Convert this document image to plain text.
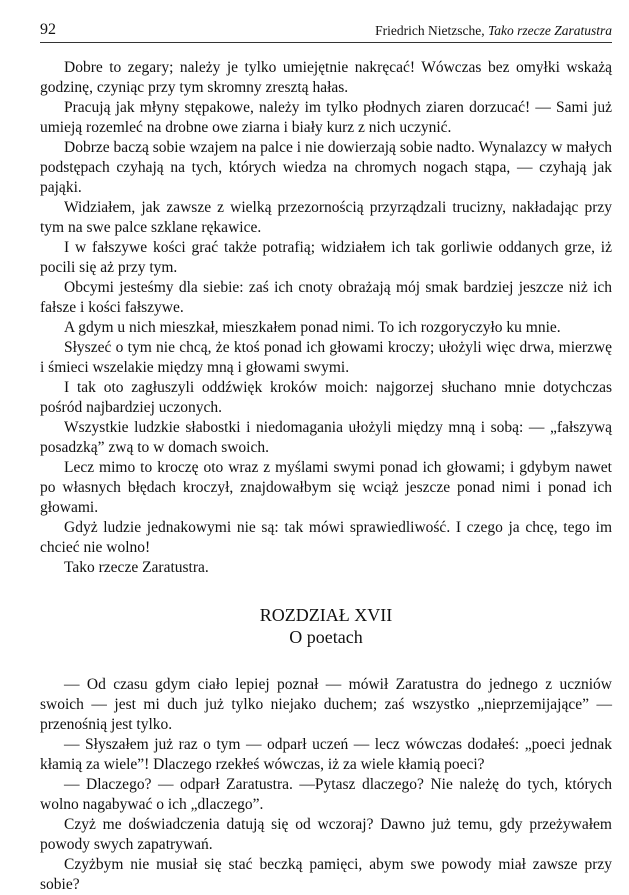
92	Friedrich Nietzsche, Tako rzecze Zaratustra

Dobre to zegary; należy je tylko umiejętnie nakręcać! Wówczas bez omyłki wskażą godzinę, czyniąc przy tym skromny zresztą hałas.

Pracują jak młyny stępakowe, należy im tylko płodnych ziaren dorzucać! — Sami już umieją rozemleć na drobne owe ziarna i biały kurz z nich uczynić.

Dobrze baczą sobie wzajem na palce i nie dowierzają sobie nadto. Wynalazcy w małych podstępach czyhają na tych, których wiedza na chromych nogach stąpa, — czyhają jak pająki.

Widziałem, jak zawsze z wielką przezornością przyrządzali trucizny, nakładając przy tym na swe palce szklane rękawice.

I w fałszywe kości grać także potrafią; widziałem ich tak gorliwie oddanych grze, iż pocili się aż przy tym.

Obcymi jesteśmy dla siebie: zaś ich cnoty obrażają mój smak bardziej jeszcze niż ich fałsze i kości fałszywe.

A gdym u nich mieszkał, mieszkałem ponad nimi. To ich rozgoryczyło ku mnie.

Słyszeć o tym nie chcą, że ktoś ponad ich głowami kroczy; ułożyli więc drwa, mierzwę i śmieci wszelakie między mną i głowami swymi.

I tak oto zagłuszyli oddźwięk kroków moich: najgorzej słuchano mnie dotychczas pośród najbardziej uczonych.

Wszystkie ludzkie słabostki i niedomagania ułożyli między mną i sobą: — „fałszywą posadzką” zwą to w domach swoich.

Lecz mimo to kroczę oto wraz z myślami swymi ponad ich głowami; i gdybym nawet po własnych błędach kroczył, znajdowałbym się wciąż jeszcze ponad nimi i ponad ich głowami.

Gdyż ludzie jednakowymi nie są: tak mówi sprawiedliwość. I czego ja chcę, tego im chcieć nie wolno!

Tako rzecze Zaratustra.

ROZDZIAŁ XVII
O poetach

— Od czasu gdym ciało lepiej poznał — mówił Zaratustra do jednego z uczniów swoich — jest mi duch już tylko niejako duchem; zaś wszystko „nieprzemijające” — przenośnią jest tylko.

— Słyszałem już raz o tym — odparł uczeń — lecz wówczas dodałeś: „poeci jednak kłamią za wiele”! Dlaczego rzekłeś wówczas, iż za wiele kłamią poeci?

— Dlaczego? — odparł Zaratustra. —Pytasz dlaczego? Nie należę do tych, których wolno nagabywać o ich „dlaczego”.

Czyż me doświadczenia datują się od wczoraj? Dawno już temu, gdy przeżywałem powody swych zapatrywań.

Czyżbym nie musiał się stać beczką pamięci, abym swe powody miał zawsze przy sobie?
